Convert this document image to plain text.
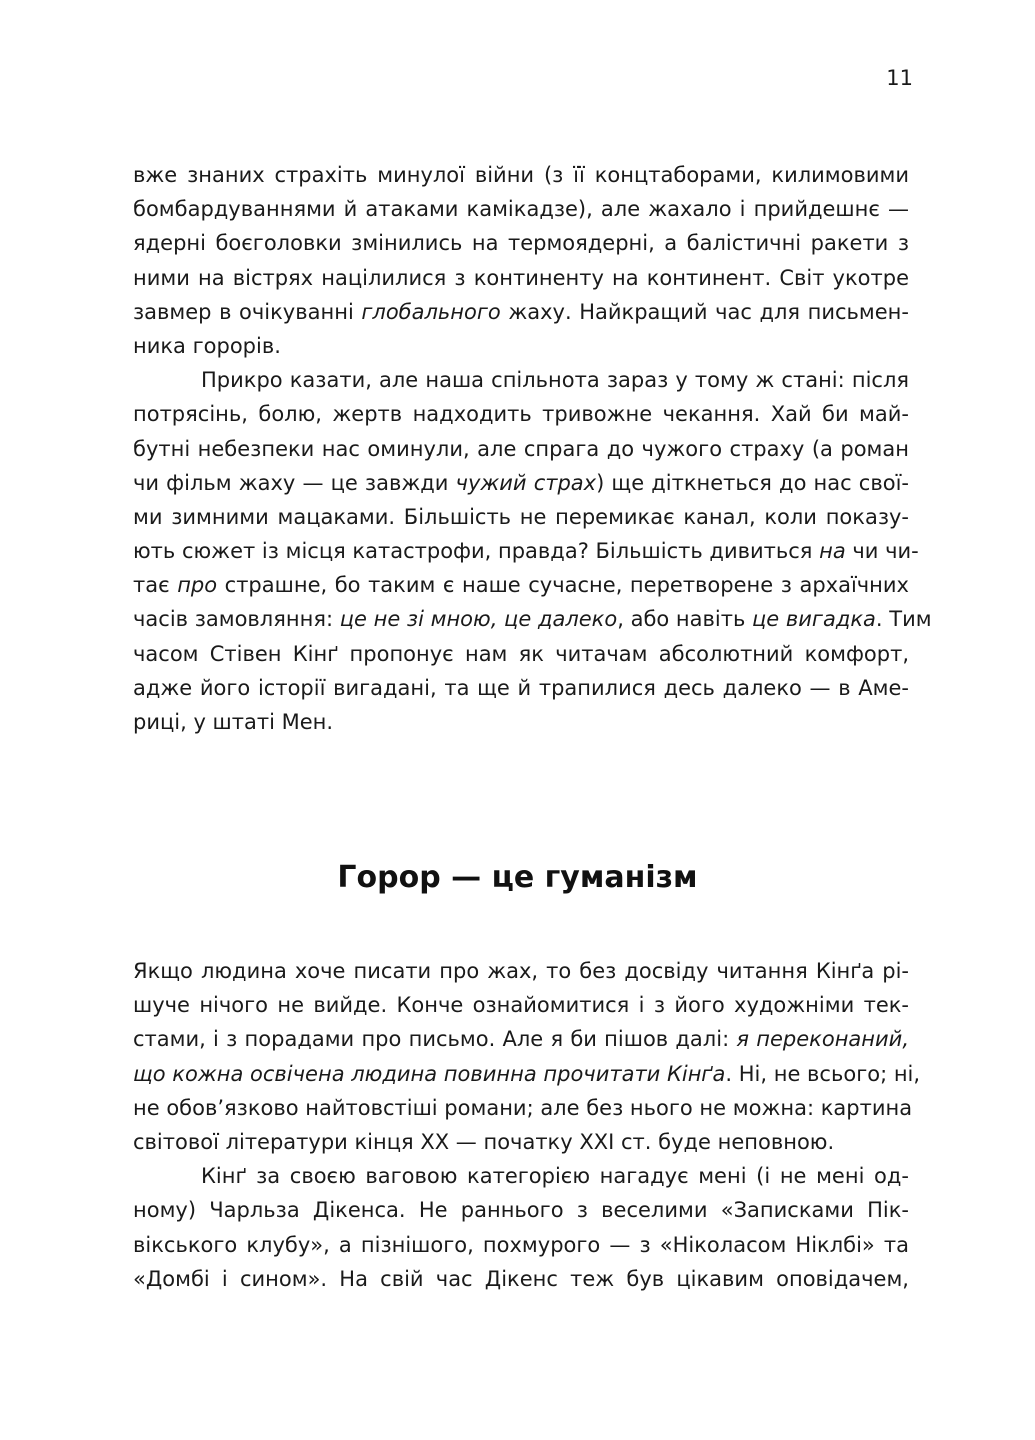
11
вже знаних страхіть минулої війни (з її концтаборами, килимовими
бомбардуваннями й атаками камікадзе), але жахало і прийдешнє —
ядерні боєголовки змінились на термоядерні, а балістичні ракети з
ними на вістрях націлилися з континенту на континент. Світ укотре
завмер в очікуванні глобального жаху. Найкращий час для письмен-
ника горорів.
Прикро казати, але наша спільнота зараз у тому ж стані: після
потрясінь, болю, жертв надходить тривожне чекання. Хай би май-
бутні небезпеки нас оминули, але спрага до чужого страху (а роман
чи фільм жаху — це завжди чужий страх) ще діткнеться до нас свої-
ми зимними мацаками. Більшість не перемикає канал, коли показу-
ють сюжет із місця катастрофи, правда? Більшість дивиться на чи чи-
тає про страшне, бо таким є наше сучасне, перетворене з архаїчних
часів замовляння: це не зі мною, це далеко, або навіть це вигадка. Тим
часом Стівен Кінґ пропонує нам як читачам абсолютний комфорт,
адже його історії вигадані, та ще й трапилися десь далеко — в Аме-
риці, у штаті Мен.
Горор — це гуманізм
Якщо людина хоче писати про жах, то без досвіду читання Кінґа рі-
шуче нічого не вийде. Конче ознайомитися і з його художніми тек-
стами, і з порадами про письмо. Але я би пішов далі: я переконаний,
що кожна освічена людина повинна прочитати Кінґа. Ні, не всього; ні,
не обов’язково найтовстіші романи; але без нього не можна: картина
світової літератури кінця XX — початку XXI ст. буде неповною.
Кінґ за своєю ваговою категорією нагадує мені (і не мені од-
ному) Чарльза Дікенса. Не раннього з веселими «Записками Пік-
вікського клубу», а пізнішого, похмурого — з «Ніколасом Ніклбі» та
«Домбі і сином». На свій час Дікенс теж був цікавим оповідачем,
